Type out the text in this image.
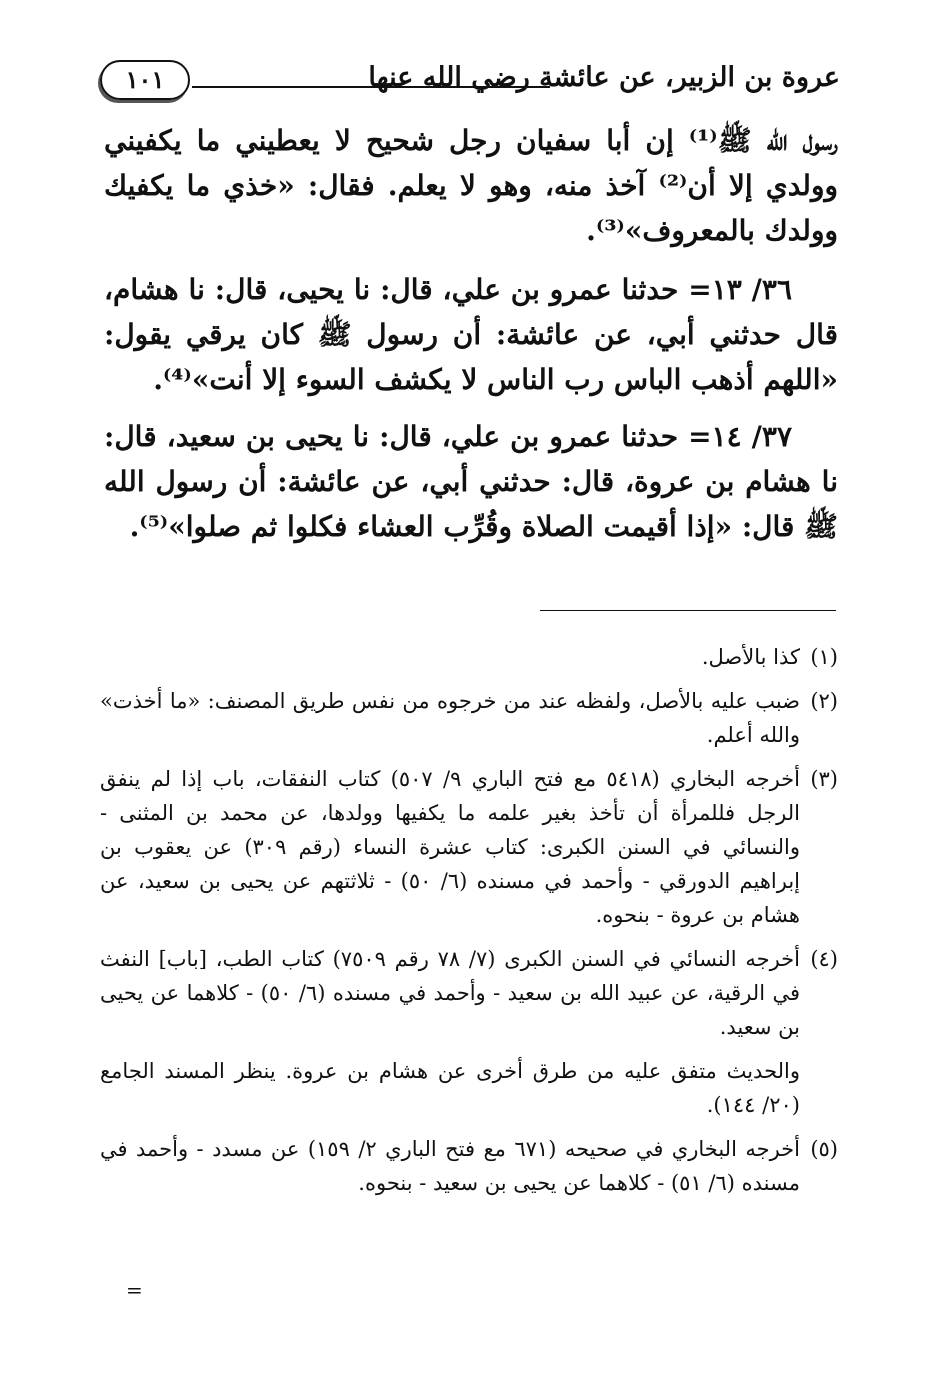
عروة بن الزبير، عن عائشة رضي الله عنها
١٠١

رسول الله ﷺ⁽¹⁾ إن أبا سفيان رجل شحيح لا يعطيني ما يكفيني وولدي إلا أن⁽²⁾ آخذ منه، وهو لا يعلم. فقال: «خذي ما يكفيك وولدك بالمعروف»⁽³⁾.

٣٦/ ١٣= حدثنا عمرو بن علي، قال: نا يحيى، قال: نا هشام، قال حدثني أبي، عن عائشة: أن رسول ﷺ كان يرقي يقول: «اللهم أذهب الباس رب الناس لا يكشف السوء إلا أنت»⁽⁴⁾.

٣٧/ ١٤= حدثنا عمرو بن علي، قال: نا يحيى بن سعيد، قال: نا هشام بن عروة، قال: حدثني أبي، عن عائشة: أن رسول الله ﷺ قال: «إذا أقيمت الصلاة وقُرِّب العشاء فكلوا ثم صلوا»⁽⁵⁾.

(١)
كذا بالأصل.
(٢)
ضبب عليه بالأصل، ولفظه عند من خرجوه من نفس طريق المصنف: «ما أخذت» والله أعلم.
(٣)
أخرجه البخاري (٥٤١٨ مع فتح الباري ٩/ ٥٠٧) كتاب النفقات، باب إذا لم ينفق الرجل فللمرأة أن تأخذ بغير علمه ما يكفيها وولدها، عن محمد بن المثنى - والنسائي في السنن الكبرى: كتاب عشرة النساء (رقم ٣٠٩) عن يعقوب بن إبراهيم الدورقي - وأحمد في مسنده (٦/ ٥٠) - ثلاثتهم عن يحيى بن سعيد، عن هشام بن عروة - بنحوه.
(٤)
أخرجه النسائي في السنن الكبرى (٧/ ٧٨ رقم ٧٥٠٩) كتاب الطب، [باب] النفث في الرقية، عن عبيد الله بن سعيد - وأحمد في مسنده (٦/ ٥٠) - كلاهما عن يحيى بن سعيد.
والحديث متفق عليه من طرق أخرى عن هشام بن عروة. ينظر المسند الجامع (٢٠/ ١٤٤).
(٥)
أخرجه البخاري في صحيحه (٦٧١ مع فتح الباري ٢/ ١٥٩) عن مسدد - وأحمد في مسنده (٦/ ٥١) - كلاهما عن يحيى بن سعيد - بنحوه.
=
